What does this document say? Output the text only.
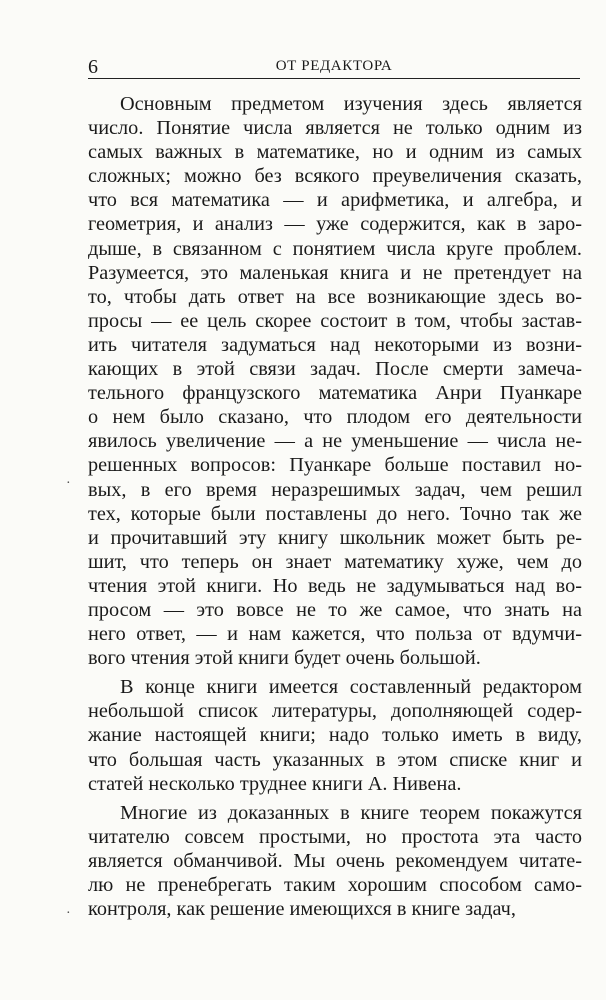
6	ОТ РЕДАКТОРА
·
·
Основным предметом изучения здесь является
число. Понятие числа является не только одним из
самых важных в математике, но и одним из самых
сложных; можно без всякого преувеличения сказать,
что вся математика — и арифметика, и алгебра, и
геометрия, и анализ — уже содержится, как в заро-
дыше, в связанном с понятием числа круге проблем.
Разумеется, это маленькая книга и не претендует на
то, чтобы дать ответ на все возникающие здесь во-
просы — ее цель скорее состоит в том, чтобы застав-
ить читателя задуматься над некоторыми из возни-
кающих в этой связи задач. После смерти замеча-
тельного французского математика Анри Пуанкаре
о нем было сказано, что плодом его деятельности
явилось увеличение — а не уменьшение — числа не-
решенных вопросов: Пуанкаре больше поставил но-
вых, в его время неразрешимых задач, чем решил
тех, которые были поставлены до него. Точно так же
и прочитавший эту книгу школьник может быть ре-
шит, что теперь он знает математику хуже, чем до
чтения этой книги. Но ведь не задумываться над во-
просом — это вовсе не то же самое, что знать на
него ответ, — и нам кажется, что польза от вдумчи-
вого чтения этой книги будет очень большой.
В конце книги имеется составленный редактором
небольшой список литературы, дополняющей содер-
жание настоящей книги; надо только иметь в виду,
что большая часть указанных в этом списке книг и
статей несколько труднее книги А. Нивена.
Многие из доказанных в книге теорем покажутся
читателю совсем простыми, но простота эта часто
является обманчивой. Мы очень рекомендуем читате-
лю не пренебрегать таким хорошим способом само-
контроля, как решение имеющихся в книге задач,
